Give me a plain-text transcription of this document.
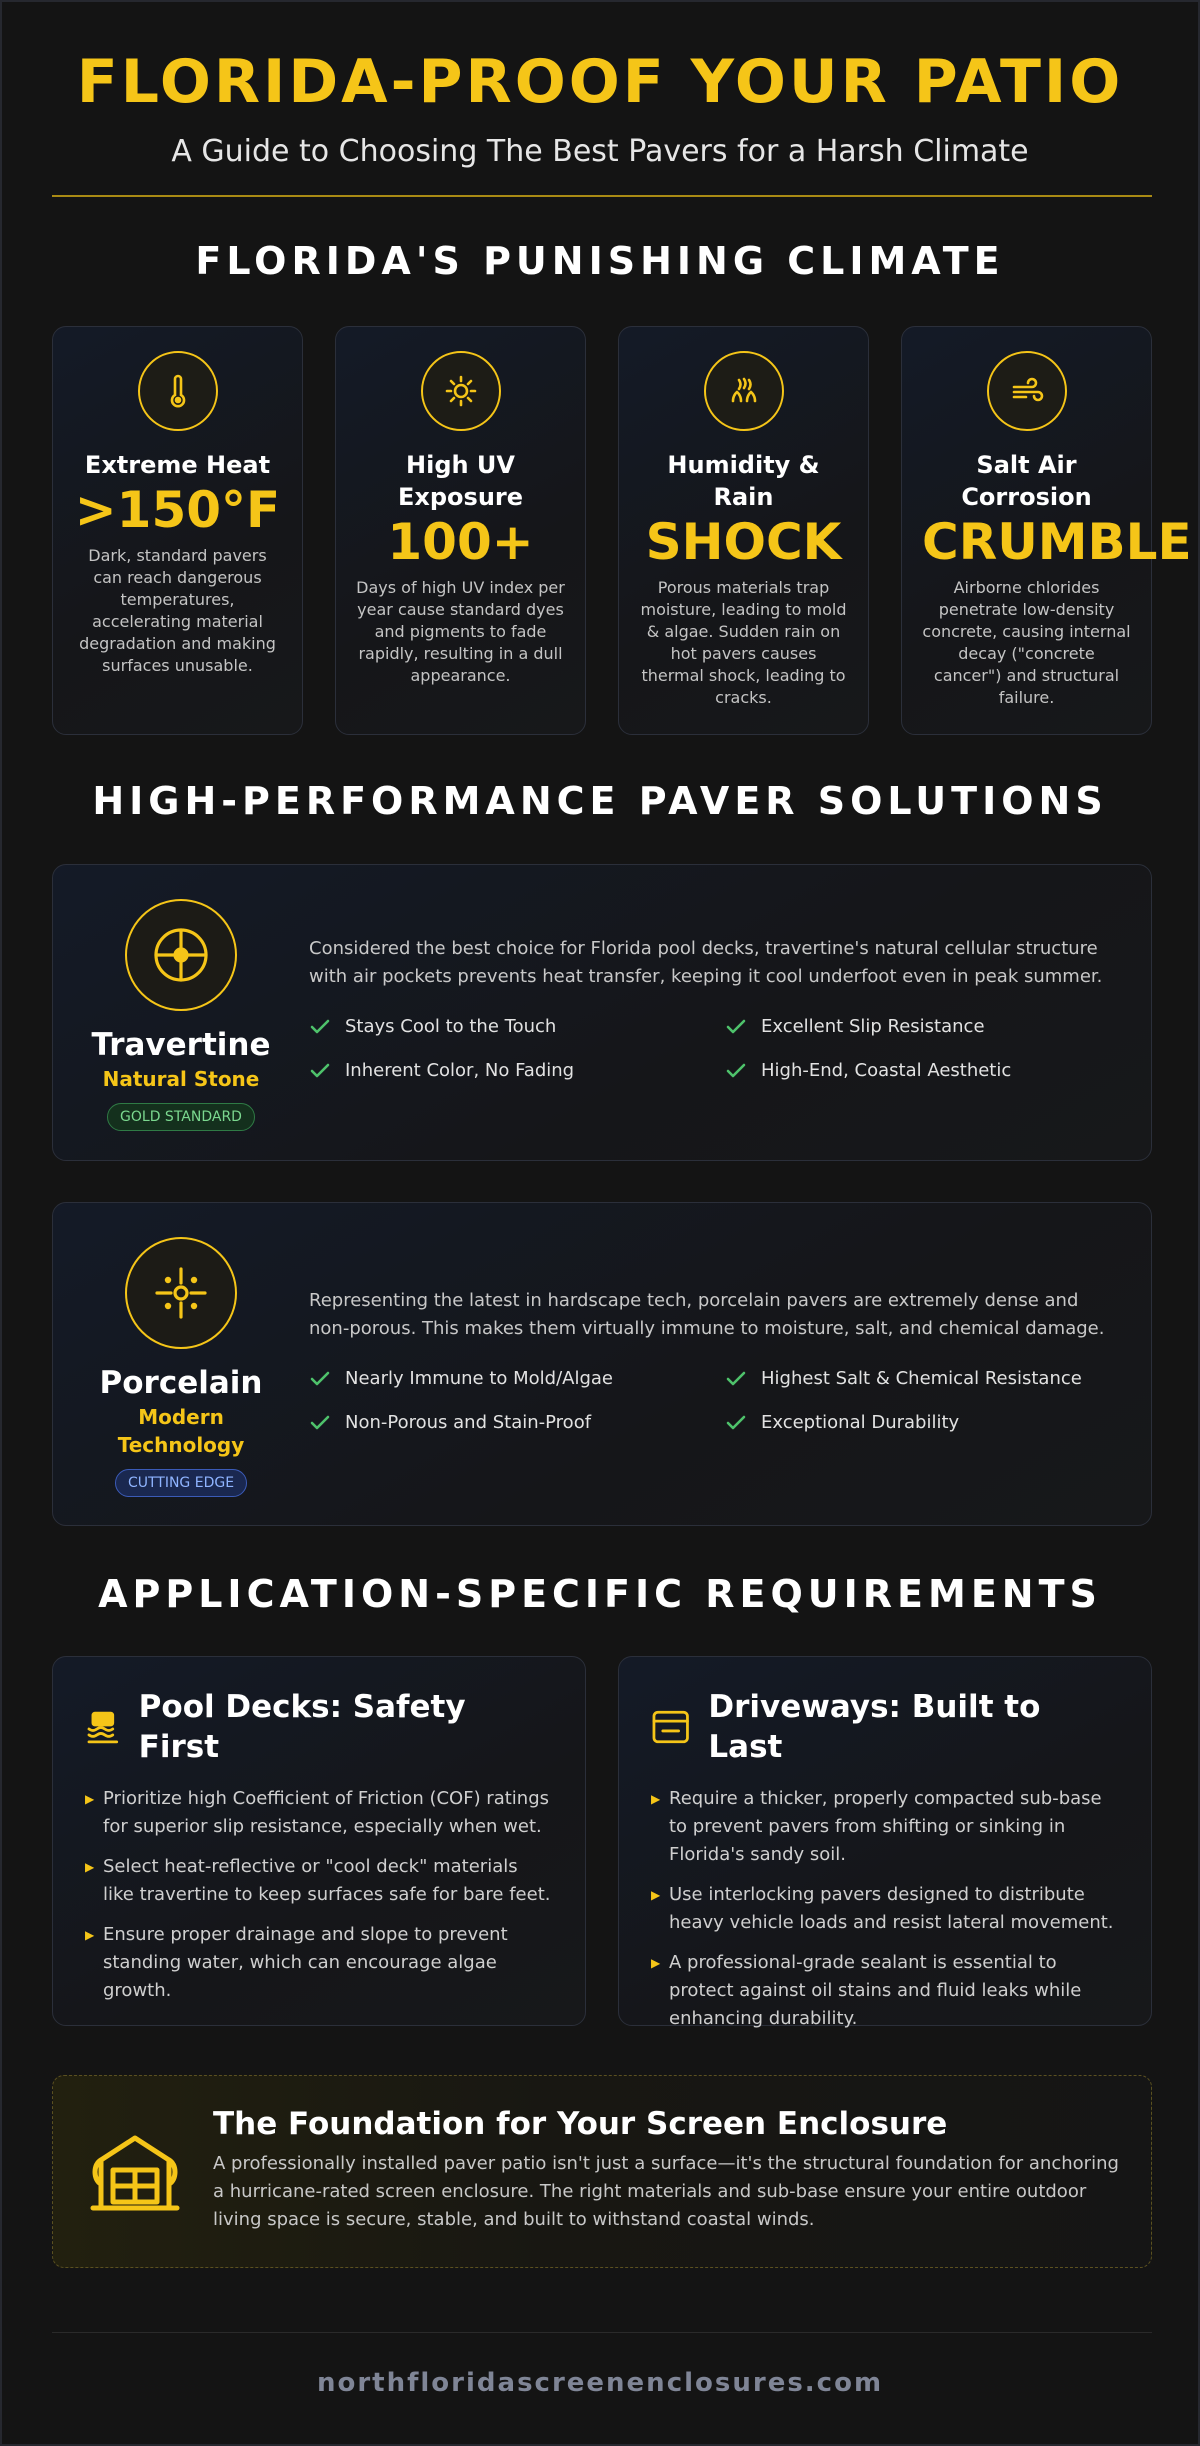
FLORIDA-PROOF YOUR PATIO

A Guide to Choosing The Best Pavers for a Harsh Climate

FLORIDA'S PUNISHING CLIMATE
Extreme Heat
>150°F

Dark, standard pavers can reach dangerous temperatures, accelerating material degradation and making surfaces unusable.

High UV Exposure
100+

Days of high UV index per year cause standard dyes and pigments to fade rapidly, resulting in a dull appearance.

Humidity & Rain
SHOCK

Porous materials trap moisture, leading to mold & algae. Sudden rain on hot pavers causes thermal shock, leading to cracks.

Salt Air Corrosion
CRUMBLE

Airborne chlorides penetrate low-density concrete, causing internal decay ("concrete cancer") and structural failure.

HIGH-PERFORMANCE PAVER SOLUTIONS
Travertine
Natural Stone
GOLD STANDARD

Considered the best choice for Florida pool decks, travertine's natural cellular structure with air pockets prevents heat transfer, keeping it cool underfoot even in peak summer.

Stays Cool to the Touch	Excellent Slip Resistance
Inherent Color, No Fading	High-End, Coastal Aesthetic
Porcelain
Modern Technology
CUTTING EDGE

Representing the latest in hardscape tech, porcelain pavers are extremely dense and non-porous. This makes them virtually immune to moisture, salt, and chemical damage.

Nearly Immune to Mold/Algae	Highest Salt & Chemical Resistance
Non-Porous and Stain-Proof	Exceptional Durability
APPLICATION-SPECIFIC REQUIREMENTS
Pool Decks: Safety First
▶ Prioritize high Coefficient of Friction (COF) ratings for superior slip resistance, especially when wet.
▶ Select heat-reflective or "cool deck" materials like travertine to keep surfaces safe for bare feet.
▶ Ensure proper drainage and slope to prevent standing water, which can encourage algae growth.
Driveways: Built to Last
▶ Require a thicker, properly compacted sub-base to prevent pavers from shifting or sinking in Florida's sandy soil.
▶ Use interlocking pavers designed to distribute heavy vehicle loads and resist lateral movement.
▶ A professional-grade sealant is essential to protect against oil stains and fluid leaks while enhancing durability.
The Foundation for Your Screen Enclosure

A professionally installed paver patio isn't just a surface—it's the structural foundation for anchoring a hurricane-rated screen enclosure. The right materials and sub-base ensure your entire outdoor living space is secure, stable, and built to withstand coastal winds.

northfloridascreenenclosures.com
